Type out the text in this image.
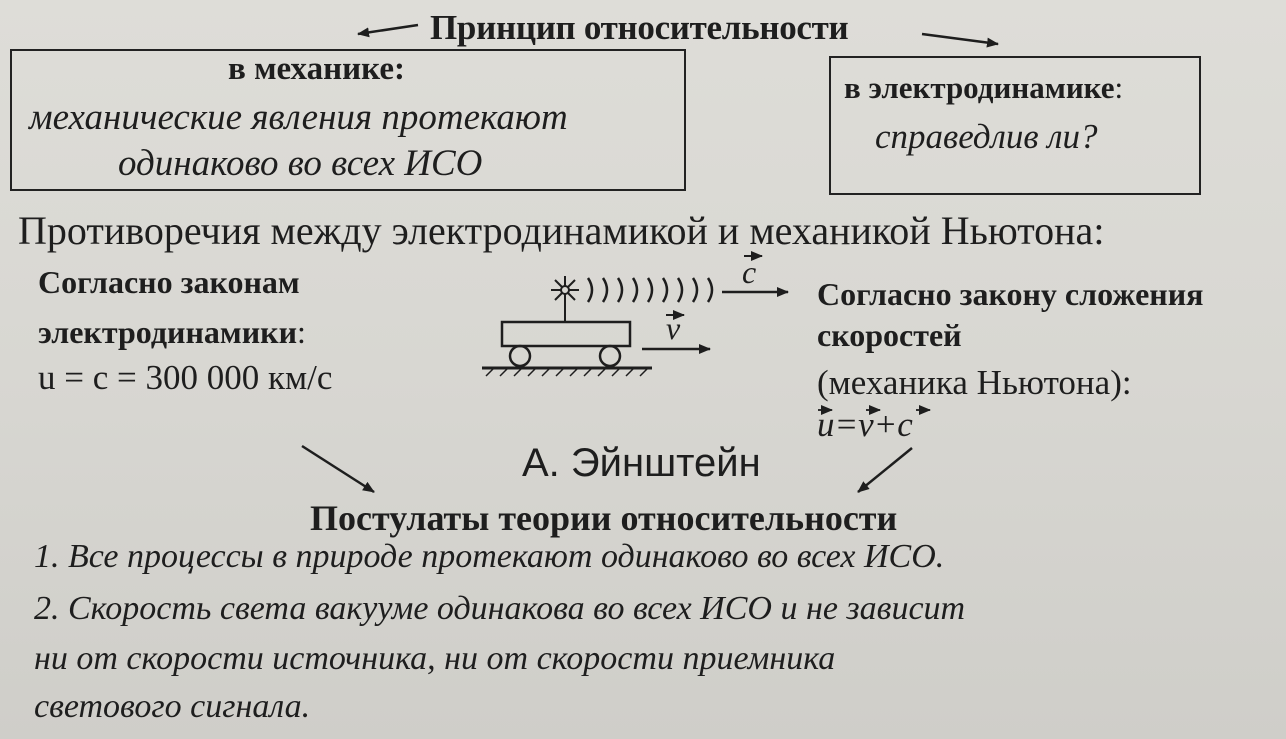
Принцип относительности
в механике:
механические явления протекают
одинаково во всех ИСО
в электродинамике:
справедлив ли?
Противоречия между электродинамикой и механикой Ньютона:
Согласно законам
электродинамики:
u = c = 300 000 км/с
Согласно закону сложения
скоростей
(механика Ньютона):
u=v+c
А. Эйнштейн
Постулаты теории относительности
1. Все процессы в природе протекают одинаково во всех ИСО.
2. Скорость света вакууме одинакова во всех ИСО и не зависит
ни от скорости источника, ни от скорости приемника
светового сигнала.
c
v
